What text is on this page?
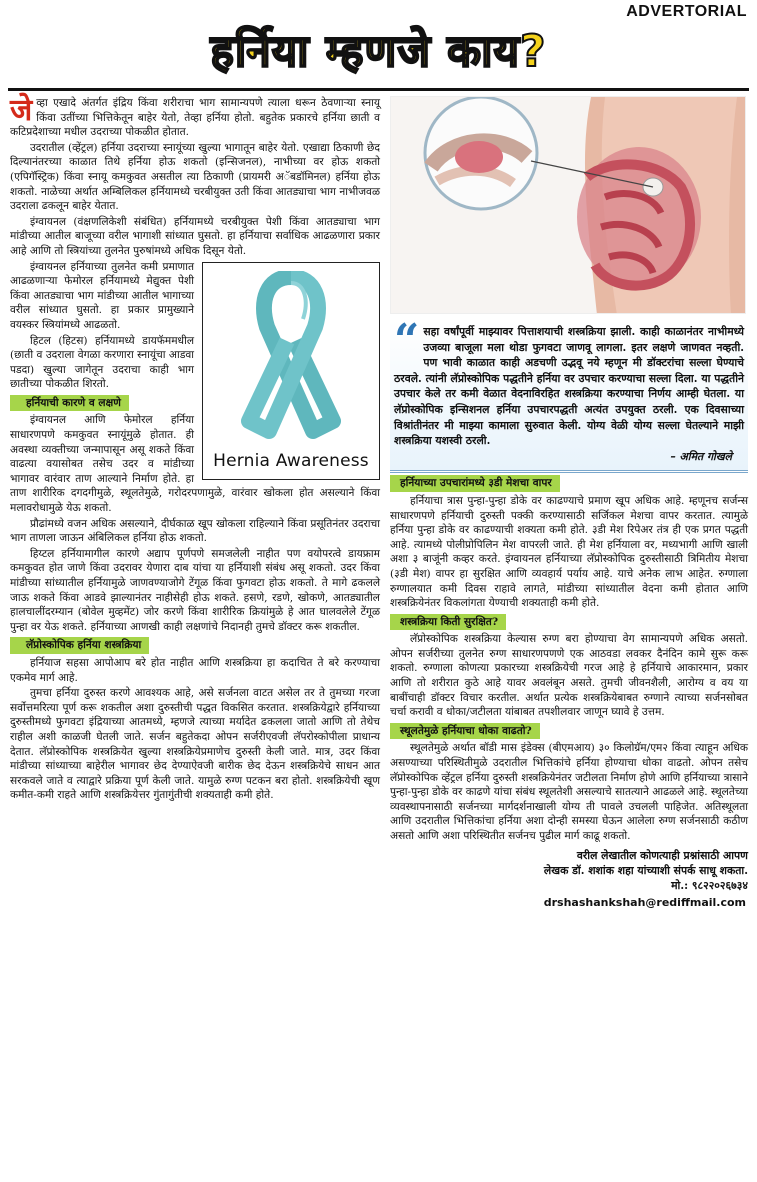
ADVERTORIAL
हर्निया म्हणजे काय?

जेव्हा एखादे अंतर्गत इंद्रिय किंवा शरीराचा भाग सामान्यपणे त्याला धरून ठेवणाऱ्या स्नायू किंवा उतींच्या भित्तिकेतून बाहेर येतो, तेव्हा हर्निया होतो. बहुतेक प्रकारचे हर्निया छाती व कटिप्रदेशाच्या मधील उदराच्या पोकळीत होतात.

उदरातील (व्हेंट्रल) हर्निया उदराच्या स्नायूंच्या खुल्या भागातून बाहेर येतो. एखाद्या ठिकाणी छेद दिल्यानंतरच्या काळात तिथे हर्निया होऊ शकतो (इन्सिजनल), नाभीच्या वर होऊ शकतो (एपिगॅस्ट्रिक) किंवा स्नायू कमकुवत असतील त्या ठिकाणी (प्रायमरी अॅबडॉमिनल) हर्निया होऊ शकतो. नाळेच्या अर्थात अम्बिलिकल हर्नियामध्ये चरबीयुक्त उती किंवा आतड्याचा भाग नाभीजवळ उदराला ढकलून बाहेर येतात.

इंग्वायनल (वंक्षणलिकेशी संबंधित) हर्नियामध्ये चरबीयुक्त पेशी किंवा आतड्याचा भाग मांडीच्या आतील बाजूच्या वरील भागाशी सांध्यात घुसतो. हा हर्नियाचा सर्वाधिक आढळणारा प्रकार आहे आणि तो स्त्रियांच्या तुलनेत पुरुषांमध्ये अधिक दिसून येतो.

Hernia Awareness

इंग्वायनल हर्नियाच्या तुलनेत कमी प्रमाणात आढळणाऱ्या फेमोरल हर्नियामध्ये मेद्युक्त पेशी किंवा आतड्याचा भाग मांडीच्या आतील भागाच्या वरील सांध्यात घुसतो. हा प्रकार प्रामुख्याने वयस्कर स्त्रियांमध्ये आढळतो.

हिटल (हिटस) हर्नियामध्ये डायफॅममधील (छाती व उदराला वेगळा करणारा स्नायूंचा आडवा पडदा) खुल्या जागेतून उदराचा काही भाग छातीच्या पोकळीत शिरतो.

हर्नियाची कारणे व लक्षणे

इंग्वायनल आणि फेमोरल हर्निया साधारणपणे कमकुवत स्नायूंमुळे होतात. ही अवस्था व्यक्तीच्या जन्मापासून असू शकते किंवा वाढत्या वयासोबत तसेच उदर व मांडीच्या भागावर वारंवार ताण आल्याने निर्माण होते. हा ताण शारीरिक दगदगीमुळे, स्थूलतेमुळे, गरोदरपणामुळे, वारंवार खोकला होत असल्याने किंवा मलावरोधामुळे येऊ शकतो.

प्रौढांमध्ये वजन अधिक असल्याने, दीर्घकाळ खूप खोकला राहिल्याने किंवा प्रसूतिनंतर उदराचा भाग ताणला जाऊन अंबिलिकल हर्निया होऊ शकतो.

हिय्टल हर्नियामागील कारणे अद्याप पूर्णपणे समजलेली नाहीत पण वयोपरत्वे डायफ्राम कमकुवत होत जाणे किंवा उदरावर येणारा दाब यांचा या हर्नियाशी संबंध असू शकतो. उदर किंवा मांडीच्या सांध्यातील हर्नियामुळे जाणवण्याजोगे टेंगूळ किंवा फुगवटा होऊ शकतो. ते मागे ढकलले जाऊ शकते किंवा आडवे झाल्यानंतर नाहीसेही होऊ शकते. हसणे, रडणे, खोकणे, आतड्यातील हालचालींदरम्यान (बोवेल मुव्हमेंट) जोर करणे किंवा शारीरिक क्रियांमुळे हे आत घालवलेले टेंगूळ पुन्हा वर येऊ शकते. हर्नियाच्या आणखी काही लक्षणांचे निदानही तुमचे डॉक्टर करू शकतील.

लॅप्रोस्कोपिक हर्निया शस्त्रक्रिया

हर्नियाज सहसा आपोआप बरे होत नाहीत आणि शस्त्रक्रिया हा कदाचित ते बरे करण्याचा एकमेव मार्ग आहे.

तुमचा हर्निया दुरुस्त करणे आवश्यक आहे, असे सर्जनला वाटत असेल तर ते तुमच्या गरजा सर्वोत्तमरित्या पूर्ण करू शकतील अशा दुरुस्तीची पद्धत विकसित करतात. शस्त्रक्रियेद्वारे हर्नियाच्या दुरुस्तीमध्ये फुगवटा इंद्रियाच्या आतमध्ये, म्हणजे त्याच्या मर्यादेत ढकलला जातो आणि तो तेथेच राहील अशी काळजी घेतली जाते. सर्जन बहुतेकदा ओपन सर्जरीएवजी लॅपरोस्कोपीला प्राधान्य देतात. लॅप्रोस्कोपिक शस्त्रक्रियेत खुल्या शस्त्रक्रियेप्रमाणेच दुरुस्ती केली जाते. मात्र, उदर किंवा मांडीच्या सांध्याच्या बाहेरील भागावर छेद देण्याऐवजी बारीक छेद देऊन शस्त्रक्रियेचे साधन आत सरकवले जाते व त्याद्वारे प्रक्रिया पूर्ण केली जाते. यामुळे रुग्ण पटकन बरा होतो. शस्त्रक्रियेची खूण कमीत-कमी राहते आणि शस्त्रक्रियेत्तर गुंतागुंतीची शक्यताही कमी होते.

“ सहा वर्षांपूर्वी माझ्यावर पित्ताशयाची शस्त्रक्रिया झाली. काही काळानंतर नाभीमध्ये उजव्या बाजूला मला थोडा फुगवटा जाणवू लागला. इतर लक्षणे जाणवत नव्हती. पण भावी काळात काही अडचणी उद्भवू नये म्हणून मी डॉक्टरांचा सल्ला घेण्याचे ठरवले. त्यांनी लॅप्रोस्कोपिक पद्धतीने हर्निया वर उपचार करण्याचा सल्ला दिला. या पद्धतीने उपचार केले तर कमी वेळात वेदनाविरहित शस्त्रक्रिया करण्याचा निर्णय आम्ही घेतला. या लॅप्रोस्कोपिक इन्सिशनल हर्निया उपचारपद्धती अत्यंत उपयुक्त ठरली. एक दिवसाच्या विश्रांतीनंतर मी माझ्या कामाला सुरुवात केली. योग्य वेळी योग्य सल्ला घेतल्याने माझी शस्त्रक्रिया यशस्वी ठरली.
– अमित गोखले
हर्नियाच्या उपचारांमध्ये ३डी मेशचा वापर

हर्नियाचा त्रास पुन्हा-पुन्हा डोके वर काढण्याचे प्रमाण खूप अधिक आहे. म्हणूनच सर्जन्स साधारणपणे हर्नियाची दुरुस्ती पक्की करण्यासाठी सर्जिकल मेशचा वापर करतात. त्यामुळे हर्निया पुन्हा डोके वर काढण्याची शक्यता कमी होते. ३डी मेश रिपेअर तंत्र ही एक प्रगत पद्धती आहे. त्यामध्ये पोलीप्रोपिलिन मेश वापरली जाते. ही मेश हर्नियाला वर, मध्यभागी आणि खाली अशा ३ बाजूंनी कव्हर करते. इंग्वायनल हर्नियाच्या लॅप्रोस्कोपिक दुरुस्तीसाठी त्रिमितीय मेशचा (३डी मेश) वापर हा सुरक्षित आणि व्यवहार्य पर्याय आहे. याचे अनेक लाभ आहेत. रुग्णाला रुग्णालयात कमी दिवस राहावे लागते, मांडीच्या सांध्यातील वेदना कमी होतात आणि शस्त्रक्रियेनंतर विकलांगता येण्याची शक्यताही कमी होते.

शस्त्रक्रिया किती सुरक्षित?

लॅप्रोस्कोपिक शस्त्रक्रिया केल्यास रुग्ण बरा होण्याचा वेग सामान्यपणे अधिक असतो. ओपन सर्जरीच्या तुलनेत रुग्ण साधारणपणणे एक आठवडा लवकर दैनंदिन कामे सुरू करू शकतो. रुग्णाला कोणत्या प्रकारच्या शस्त्रक्रियेची गरज आहे हे हर्नियाचे आकारमान, प्रकार आणि तो शरीरात कुठे आहे यावर अवलंबून असते. तुमची जीवनशैली, आरोग्य व वय या बाबींचाही डॉक्टर विचार करतील. अर्थात प्रत्येक शस्त्रक्रियेबाबत रुग्णाने त्याच्या सर्जनसोबत चर्चा करावी व धोका/जटीलता यांबाबत तपशीलवार जाणून घ्यावे हे उत्तम.

स्थूलतेमुळे हर्नियाचा धोका वाढतो?

स्थूलतेमुळे अर्थात बॉडी मास इंडेक्स (बीएमआय) ३० किलोग्रॅम/एम२ किंवा त्याहून अधिक असण्याच्या परिस्थितीमुळे उदरातील भित्तिकांचे हर्निया होण्याचा धोका वाढतो. ओपन तसेच लॅप्रोस्कोपिक व्हेंट्रल हर्निया दुरुस्ती शस्त्रक्रियेनंतर जटीलता निर्माण होणे आणि हर्नियाच्या त्रासाने पुन्हा-पुन्हा डोके वर काढणे यांचा संबंध स्थूलतेशी असल्याचे सातत्याने आढळले आहे. स्थूलतेच्या व्यवस्थापनासाठी सर्जनच्या मार्गदर्शनाखाली योग्य ती पावले उचलली पाहिजेत. अतिस्थूलता आणि उदरातील भित्तिकांचा हर्निया अशा दोन्ही समस्या घेऊन आलेला रुग्ण सर्जनसाठी कठीण असतो आणि अशा परिस्थितीत सर्जनच पुढील मार्ग काढू शकतो.

वरील लेखातील कोणत्याही प्रश्नांसाठी आपण
लेखक डॉ. शशांक शहा यांच्याशी संपर्क साधू शकता.
मो.: ९८२२०२६७३४
drshashankshah@rediffmail.com
